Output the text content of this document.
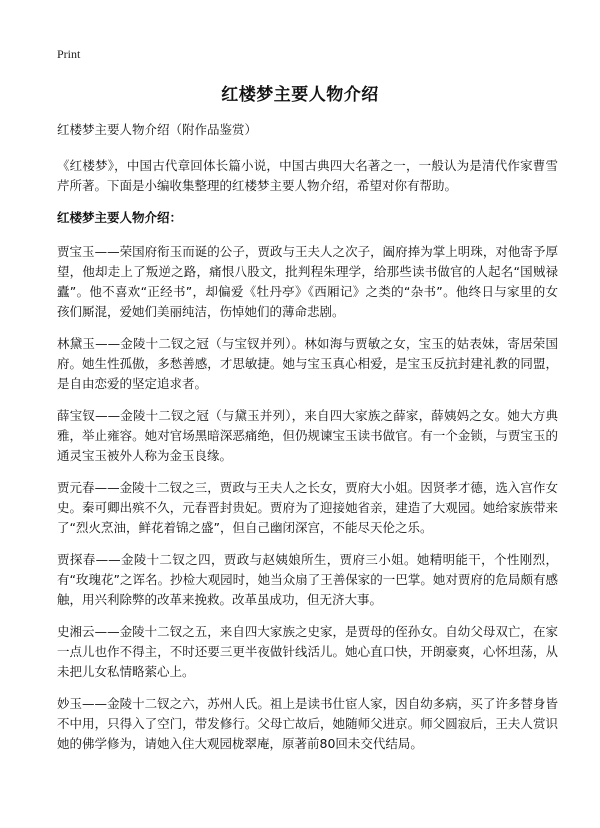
Print
红楼梦主要人物介绍

红楼梦主要人物介绍（附作品鉴赏）

《红楼梦》，中国古代章回体长篇小说，中国古典四大名著之一，一般认为是清代作家曹雪芹所著。下面是小编收集整理的红楼梦主要人物介绍，希望对你有帮助。

红楼梦主要人物介绍：

贾宝玉——荣国府衔玉而诞的公子，贾政与王夫人之次子，阖府捧为掌上明珠，对他寄予厚望，他却走上了叛逆之路，痛恨八股文，批判程朱理学，给那些读书做官的人起名“国贼禄蠹”。他不喜欢“正经书”，却偏爱《牡丹亭》《西厢记》之类的“杂书”。他终日与家里的女孩们厮混，爱她们美丽纯洁，伤悼她们的薄命悲剧。

林黛玉——金陵十二钗之冠（与宝钗并列）。林如海与贾敏之女，宝玉的姑表妹，寄居荣国府。她生性孤傲，多愁善感，才思敏捷。她与宝玉真心相爱，是宝玉反抗封建礼教的同盟，是自由恋爱的坚定追求者。

薛宝钗——金陵十二钗之冠（与黛玉并列），来自四大家族之薛家，薛姨妈之女。她大方典雅，举止雍容。她对官场黑暗深恶痛绝，但仍规谏宝玉读书做官。有一个金锁，与贾宝玉的通灵宝玉被外人称为金玉良缘。

贾元春——金陵十二钗之三，贾政与王夫人之长女，贾府大小姐。因贤孝才德，选入宫作女史。秦可卿出殡不久，元春晋封贵妃。贾府为了迎接她省亲，建造了大观园。她给家族带来了“烈火烹油，鲜花着锦之盛”，但自己幽闭深宫，不能尽天伦之乐。

贾探春——金陵十二钗之四，贾政与赵姨娘所生，贾府三小姐。她精明能干，个性刚烈，有“玫瑰花”之诨名。抄检大观园时，她当众扇了王善保家的一巴掌。她对贾府的危局颇有感触，用兴利除弊的改革来挽救。改革虽成功，但无济大事。

史湘云——金陵十二钗之五，来自四大家族之史家，是贾母的侄孙女。自幼父母双亡，在家一点儿也作不得主，不时还要三更半夜做针线活儿。她心直口快，开朗豪爽，心怀坦荡，从未把儿女私情略萦心上。

妙玉——金陵十二钗之六，苏州人氏。祖上是读书仕宦人家，因自幼多病，买了许多替身皆不中用，只得入了空门，带发修行。父母亡故后，她随师父进京。师父圆寂后，王夫人赏识她的佛学修为，请她入住大观园栊翠庵，原著前80回未交代结局。
